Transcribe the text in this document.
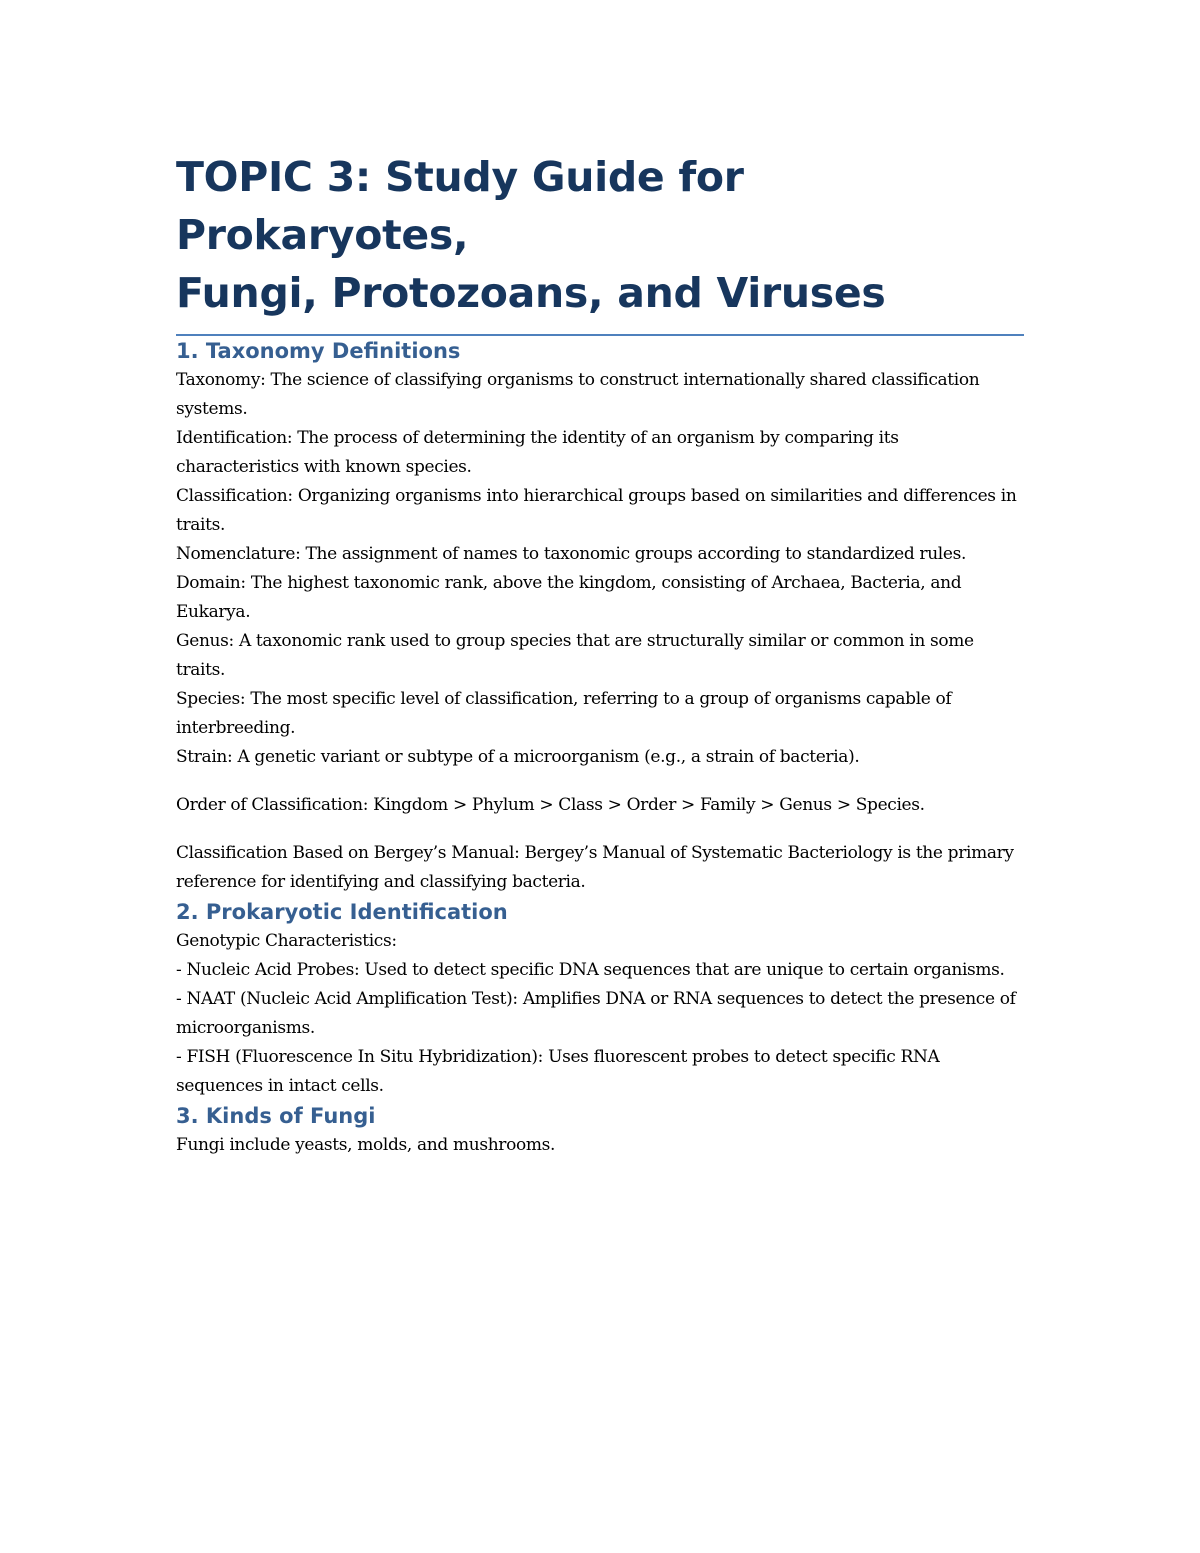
TOPIC 3: Study Guide for Prokaryotes,
Fungi, Protozoans, and Viruses
1. Taxonomy Definitions

Taxonomy: The science of classifying organisms to construct internationally shared classification systems.

Identification: The process of determining the identity of an organism by comparing its characteristics with known species.

Classification: Organizing organisms into hierarchical groups based on similarities and differences in traits.

Nomenclature: The assignment of names to taxonomic groups according to standardized rules.

Domain: The highest taxonomic rank, above the kingdom, consisting of Archaea, Bacteria, and Eukarya.

Genus: A taxonomic rank used to group species that are structurally similar or common in some traits.

Species: The most specific level of classification, referring to a group of organisms capable of interbreeding.

Strain: A genetic variant or subtype of a microorganism (e.g., a strain of bacteria).

Order of Classification: Kingdom > Phylum > Class > Order > Family > Genus > Species.

Classification Based on Bergey’s Manual: Bergey’s Manual of Systematic Bacteriology is the primary reference for identifying and classifying bacteria.

2. Prokaryotic Identification

Genotypic Characteristics:

- Nucleic Acid Probes: Used to detect specific DNA sequences that are unique to certain organisms.

- NAAT (Nucleic Acid Amplification Test): Amplifies DNA or RNA sequences to detect the presence of microorganisms.

- FISH (Fluorescence In Situ Hybridization): Uses fluorescent probes to detect specific RNA sequences in intact cells.

3. Kinds of Fungi

Fungi include yeasts, molds, and mushrooms.
